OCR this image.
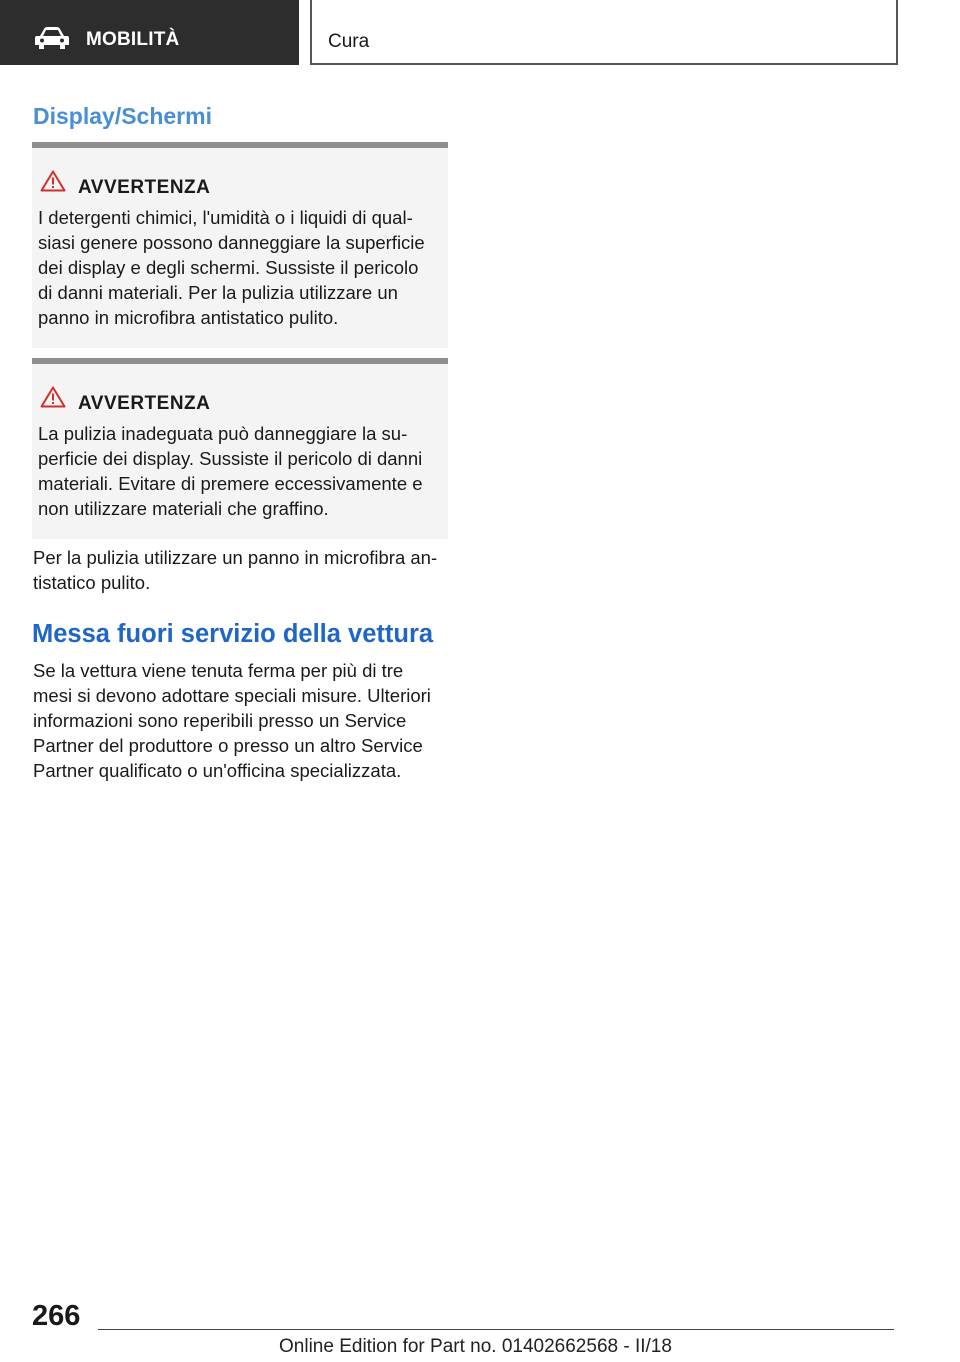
MOBILITÀ	Cura
Display/Schermi
AVVERTENZA
I detergenti chimici, l'umidità o i liquidi di qual-
siasi genere possono danneggiare la superficie
dei display e degli schermi. Sussiste il pericolo
di danni materiali. Per la pulizia utilizzare un
panno in microfibra antistatico pulito.
AVVERTENZA
La pulizia inadeguata può danneggiare la su-
perficie dei display. Sussiste il pericolo di danni
materiali. Evitare di premere eccessivamente e
non utilizzare materiali che graffino.
Per la pulizia utilizzare un panno in microfibra an-
tistatico pulito.
Messa fuori servizio della vettura
Se la vettura viene tenuta ferma per più di tre
mesi si devono adottare speciali misure. Ulteriori
informazioni sono reperibili presso un Service
Partner del produttore o presso un altro Service
Partner qualificato o un'officina specializzata.
266
Online Edition for Part no. 01402662568 - II/18
